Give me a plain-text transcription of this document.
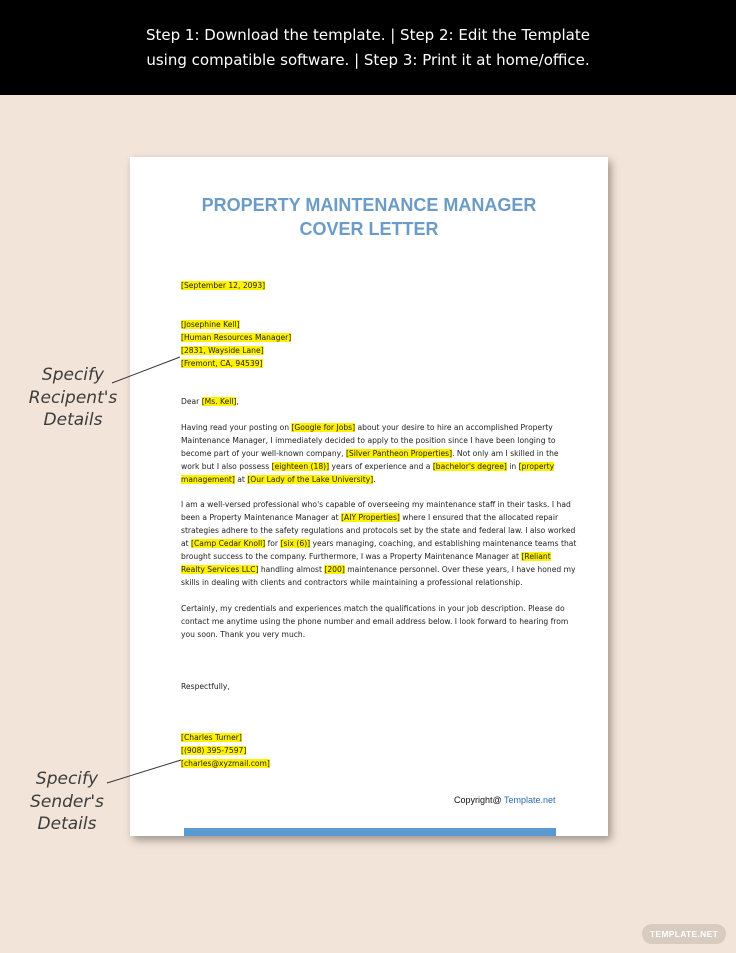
Step 1: Download the template. | Step 2: Edit the Template
using compatible software. | Step 3: Print it at home/office.
PROPERTY MAINTENANCE MANAGER
COVER LETTER
[September 12, 2093]
[Josephine Kell]
[Human Resources Manager]
[2831, Wayside Lane]
[Fremont, CA, 94539]
Dear [Ms. Kell],
Having read your posting on [Google for Jobs] about your desire to hire an accomplished Property
Maintenance Manager, I immediately decided to apply to the position since I have been longing to
become part of your well-known company, [Silver Pantheon Properties]. Not only am I skilled in the
work but I also possess [eighteen (18)] years of experience and a [bachelor's degree] in [property
management] at [Our Lady of the Lake University].
I am a well-versed professional who's capable of overseeing my maintenance staff in their tasks. I had
been a Property Maintenance Manager at [AIY Properties] where I ensured that the allocated repair
strategies adhere to the safety regulations and protocols set by the state and federal law. I also worked
at [Camp Cedar Knoll] for [six (6)] years managing, coaching, and establishing maintenance teams that
brought success to the company. Furthermore, I was a Property Maintenance Manager at [Reliant
Realty Services LLC] handling almost [200] maintenance personnel. Over these years, I have honed my
skills in dealing with clients and contractors while maintaining a professional relationship.
Certainly, my credentials and experiences match the qualifications in your job description. Please do
contact me anytime using the phone number and email address below. I look forward to hearing from
you soon. Thank you very much.
Respectfully,
[Charles Turner]
[(908) 395-7597]
[charles@xyzmail.com]
Copyright@ Template.net
Specify
Recipent's
Details
Specify
Sender's
Details
TEMPLATE.NET
